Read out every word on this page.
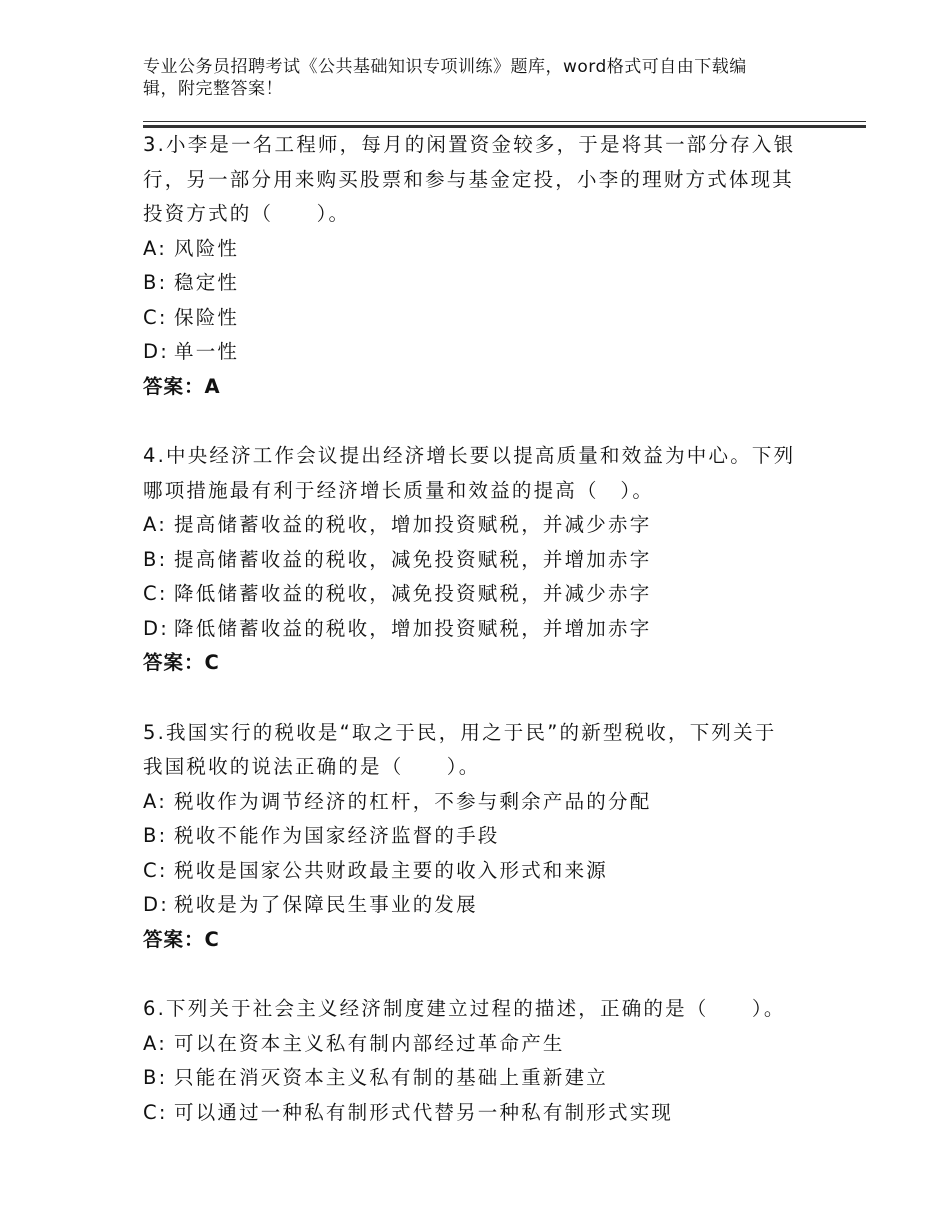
专业公务员招聘考试《公共基础知识专项训练》题库，word格式可自由下载编
辑，附完整答案！
3.小李是一名工程师，每月的闲置资金较多，于是将其一部分存入银
行，另一部分用来购买股票和参与基金定投，小李的理财方式体现其
投资方式的（　　）。
A: 风险性
B: 稳定性
C: 保险性
D: 单一性
答案：A
4.中央经济工作会议提出经济增长要以提高质量和效益为中心。下列
哪项措施最有利于经济增长质量和效益的提高（　）。
A: 提高储蓄收益的税收，增加投资赋税，并减少赤字
B: 提高储蓄收益的税收，减免投资赋税，并增加赤字
C: 降低储蓄收益的税收，减免投资赋税，并减少赤字
D: 降低储蓄收益的税收，增加投资赋税，并增加赤字
答案：C
5.我国实行的税收是“取之于民，用之于民”的新型税收，下列关于
我国税收的说法正确的是（　　）。
A: 税收作为调节经济的杠杆，不参与剩余产品的分配
B: 税收不能作为国家经济监督的手段
C: 税收是国家公共财政最主要的收入形式和来源
D: 税收是为了保障民生事业的发展
答案：C
6.下列关于社会主义经济制度建立过程的描述，正确的是（　　）。
A: 可以在资本主义私有制内部经过革命产生
B: 只能在消灭资本主义私有制的基础上重新建立
C: 可以通过一种私有制形式代替另一种私有制形式实现
